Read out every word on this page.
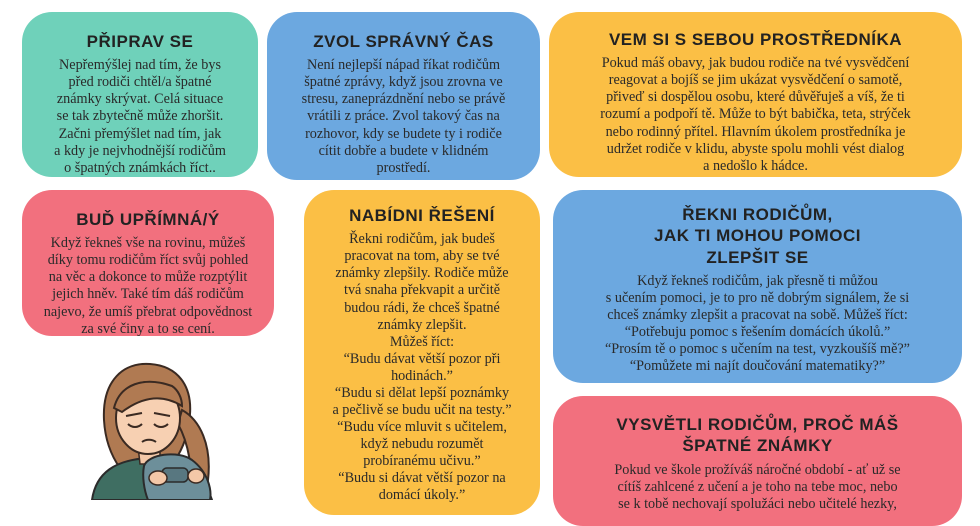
PŘIPRAV SE

Nepřemýšlej nad tím, že bys
před rodiči chtěl/a špatné
známky skrývat. Celá situace
se tak zbytečně může zhoršit.
Začni přemýšlet nad tím, jak
a kdy je nejvhodnější rodičům
o špatných známkách říct..

ZVOL SPRÁVNÝ ČAS

Není nejlepší nápad říkat rodičům
špatné zprávy, když jsou zrovna ve
stresu, zaneprázdnění nebo se právě
vrátili z práce. Zvol takový čas na
rozhovor, kdy se budete ty i rodiče
cítit dobře a budete v klidném
prostředí.

VEM SI S SEBOU PROSTŘEDNÍKA

Pokud máš obavy, jak budou rodiče na tvé vysvědčení
reagovat a bojíš se jim ukázat vysvědčení o samotě,
přiveď si dospělou osobu, které důvěřuješ a víš, že ti
rozumí a podpoří tě. Může to být babička, teta, strýček
nebo rodinný přítel. Hlavním úkolem prostředníka je
udržet rodiče v klidu, abyste spolu mohli vést dialog
a nedošlo k hádce.

BUĎ UPŘÍMNÁ/Ý

Když řekneš vše na rovinu, můžeš
díky tomu rodičům říct svůj pohled
na věc a dokonce to může rozptýlit
jejich hněv. Také tím dáš rodičům
najevo, že umíš přebrat odpovědnost
za své činy a to se cení.

NABÍDNI ŘEŠENÍ

Řekni rodičům, jak budeš
pracovat na tom, aby se tvé
známky zlepšily. Rodiče může
tvá snaha překvapit a určitě
budou rádi, že chceš špatné
známky zlepšit.
Můžeš říct:
“Budu dávat větší pozor při
hodinách.”
“Budu si dělat lepší poznámky
a pečlivě se budu učit na testy.”
“Budu více mluvit s učitelem,
když nebudu rozumět
probíranému učivu.”
“Budu si dávat větší pozor na
domácí úkoly.”

ŘEKNI RODIČŮM,
JAK TI MOHOU POMOCI
ZLEPŠIT SE

Když řekneš rodičům, jak přesně ti můžou
s učením pomoci, je to pro ně dobrým signálem, že si
chceš známky zlepšit a pracovat na sobě. Můžeš říct:
“Potřebuju pomoc s řešením domácích úkolů.”
“Prosím tě o pomoc s učením na test, vyzkoušíš mě?”
“Pomůžete mi najít doučování matematiky?”

VYSVĚTLI RODIČŮM, PROČ MÁŠ
ŠPATNÉ ZNÁMKY

Pokud ve škole prožíváš náročné období - ať už se
cítíš zahlcené z učení a je toho na tebe moc, nebo
se k tobě nechovají spolužáci nebo učitelé hezky,
